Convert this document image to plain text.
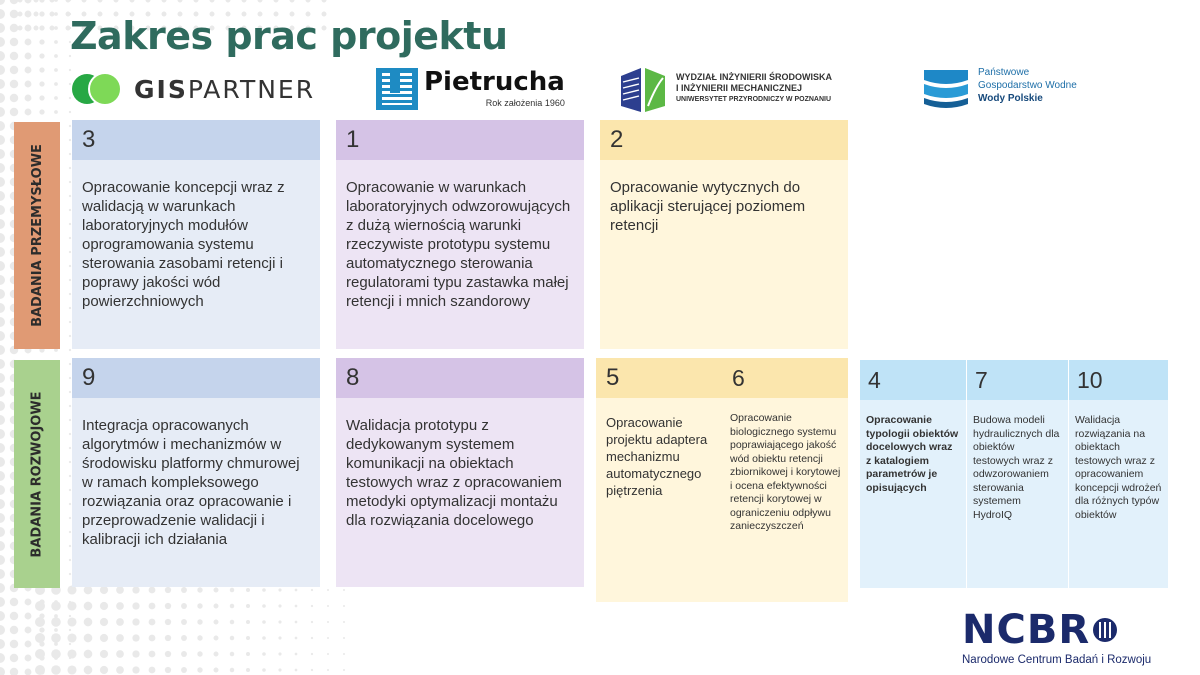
Zakres prac projektu
GISPARTNER	Pietrucha
Rok założenia 1960
WYDZIAŁ INŻYNIERII ŚRODOWISKA
I INŻYNIERII MECHANICZNEJ
UNIWERSYTET PRZYRODNICZY W POZNANIU
Państwowe
Gospodarstwo Wodne
Wody Polskie
BADANIA PRZEMYSŁOWE
BADANIA ROZWOJOWE
3
Opracowanie koncepcji wraz z walidacją w warunkach laboratoryjnych modułów oprogramowania systemu sterowania zasobami retencji i poprawy jakości wód powierzchniowych
1
Opracowanie w warunkach laboratoryjnych odwzorowujących z dużą wiernością warunki rzeczywiste prototypu systemu automatycznego sterowania regulatorami typu zastawka małej retencji i mnich szandorowy
2
Opracowanie wytycznych do aplikacji sterującej poziomem retencji
9
Integracja opracowanych algorytmów i mechanizmów w środowisku platformy chmurowej w ramach kompleksowego rozwiązania oraz opracowanie i przeprowadzenie walidacji i kalibracji ich działania
8
Walidacja prototypu z dedykowanym systemem komunikacji na obiektach testowych wraz z opracowaniem metodyki optymalizacji montażu dla rozwiązania docelowego
5
Opracowanie projektu adaptera mechanizmu automatycznego piętrzenia
6
Opracowanie biologicznego systemu poprawiającego jakość wód obiektu retencji zbiornikowej i korytowej i ocena efektywności retencji korytowej w ograniczeniu odpływu zanieczyszczeń
4
Opracowanie typologii obiektów docelowych wraz z katalogiem parametrów je opisujących
7
Budowa modeli hydraulicznych dla obiektów testowych wraz z odwzorowaniem sterowania systemem HydroIQ
10
Walidacja rozwiązania na obiektach testowych wraz z opracowaniem koncepcji wdrożeń dla różnych typów obiektów
NCBR
Narodowe Centrum Badań i Rozwoju
